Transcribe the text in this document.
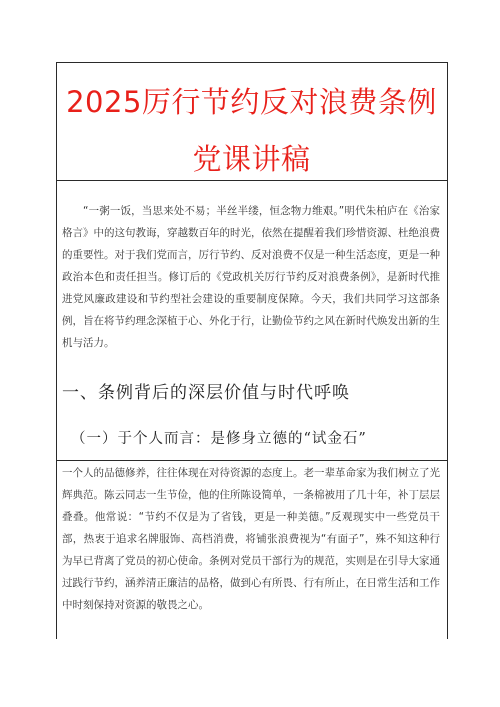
2025厉行节约反对浪费条例
党课讲稿

“一粥一饭，当思来处不易；半丝半缕，恒念物力维艰。”明代朱柏庐在《治家格言》中的这句教诲，穿越数百年的时光，依然在提醒着我们珍惜资源、杜绝浪费的重要性。对于我们党而言，厉行节约、反对浪费不仅是一种生活态度，更是一种政治本色和责任担当。修订后的《党政机关厉行节约反对浪费条例》，是新时代推进党风廉政建设和节约型社会建设的重要制度保障。今天，我们共同学习这部条例，旨在将节约理念深植于心、外化于行，让勤俭节约之风在新时代焕发出新的生机与活力。

一、条例背后的深层价值与时代呼唤
（一）于个人而言：是修身立德的“试金石”

一个人的品德修养，往往体现在对待资源的态度上。老一辈革命家为我们树立了光辉典范。陈云同志一生节俭，他的住所陈设简单，一条棉被用了几十年，补丁层层叠叠。他常说：“节约不仅是为了省钱，更是一种美德。”反观现实中一些党员干部，热衷于追求名牌服饰、高档消费，将铺张浪费视为“有面子”，殊不知这种行为早已背离了党员的初心使命。条例对党员干部行为的规范，实则是在引导大家通过践行节约，涵养清正廉洁的品格，做到心有所畏、行有所止，在日常生活和工作中时刻保持对资源的敬畏之心。
